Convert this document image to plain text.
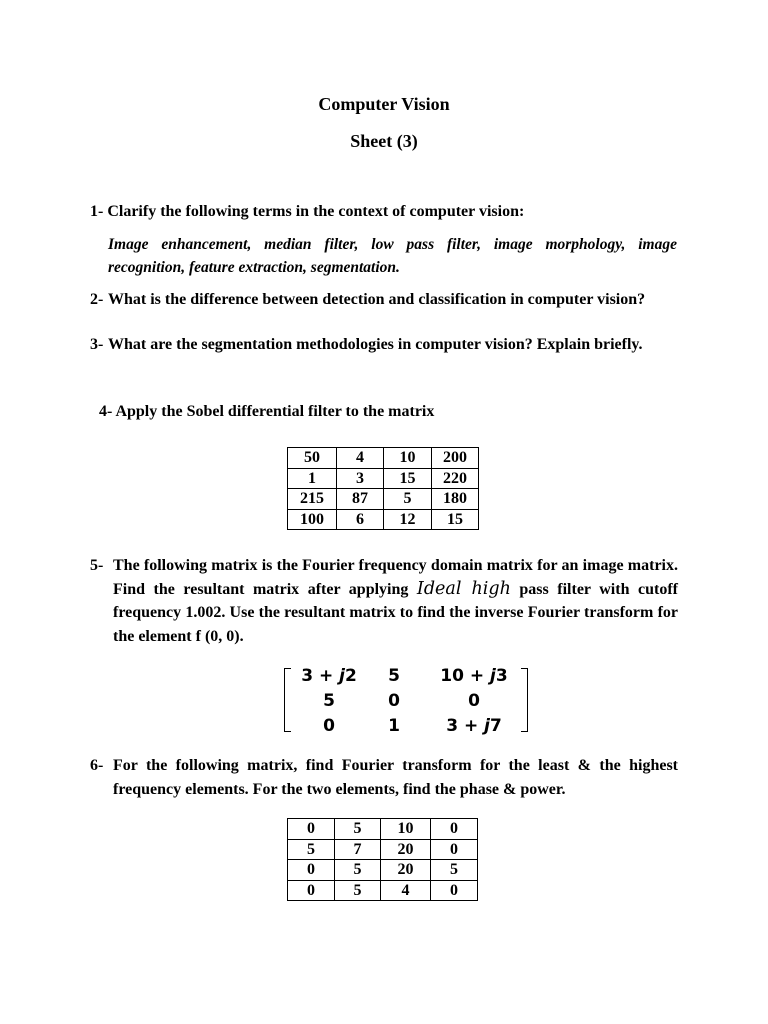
Computer Vision
Sheet (3)
1- Clarify the following terms in the context of computer vision:
Image enhancement, median filter, low pass filter, image morphology, image recognition, feature extraction, segmentation.
2- What is the difference between detection and classification in computer vision?
3- What are the segmentation methodologies in computer vision? Explain briefly.
4- Apply the Sobel differential filter to the matrix
50	4	10	200
1	3	15	220
215	87	5	180
100	6	12	15
5- The following matrix is the Fourier frequency domain matrix for an image matrix. Find the resultant matrix after applying Ideal high pass filter with cutoff frequency 1.002. Use the resultant matrix to find the inverse Fourier transform for the element f (0, 0).
3 + j2	5	10 + j3
5	0	0
0	1	3 + j7
6- For the following matrix, find Fourier transform for the least & the highest frequency elements. For the two elements, find the phase & power.
0	5	10	0
5	7	20	0
0	5	20	5
0	5	4	0
